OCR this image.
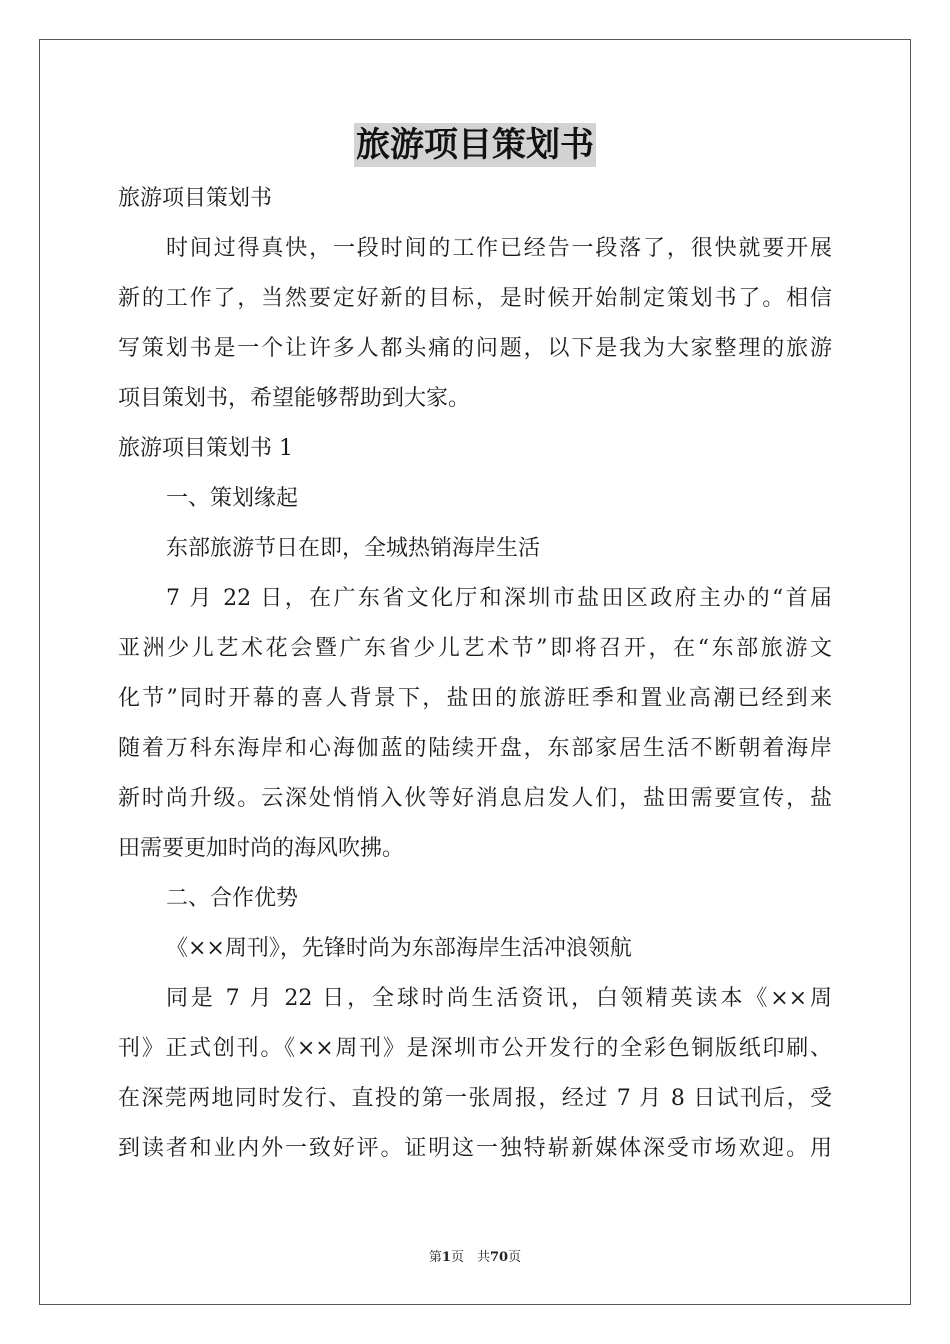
旅游项目策划书
旅游项目策划书
时间过得真快，一段时间的工作已经告一段落了，很快就要开展
新的工作了，当然要定好新的目标，是时候开始制定策划书了。相信
写策划书是一个让许多人都头痛的问题，以下是我为大家整理的旅游
项目策划书，希望能够帮助到大家。
旅游项目策划书 1
一、策划缘起
东部旅游节日在即，全城热销海岸生活
7 月 22 日，在广东省文化厅和深圳市盐田区政府主办的“首届
亚洲少儿艺术花会暨广东省少儿艺术节”即将召开，在“东部旅游文
化节”同时开幕的喜人背景下，盐田的旅游旺季和置业高潮已经到来
随着万科东海岸和心海伽蓝的陆续开盘，东部家居生活不断朝着海岸
新时尚升级。云深处悄悄入伙等好消息启发人们，盐田需要宣传，盐
田需要更加时尚的海风吹拂。
二、合作优势
《××周刊》，先锋时尚为东部海岸生活冲浪领航
同是 7 月 22 日，全球时尚生活资讯，白领精英读本《××周
刊》正式创刊。《××周刊》是深圳市公开发行的全彩色铜版纸印刷、
在深莞两地同时发行、直投的第一张周报，经过 7 月 8 日试刊后，受
到读者和业内外一致好评。证明这一独特崭新媒体深受市场欢迎。用
第1页　共70页
